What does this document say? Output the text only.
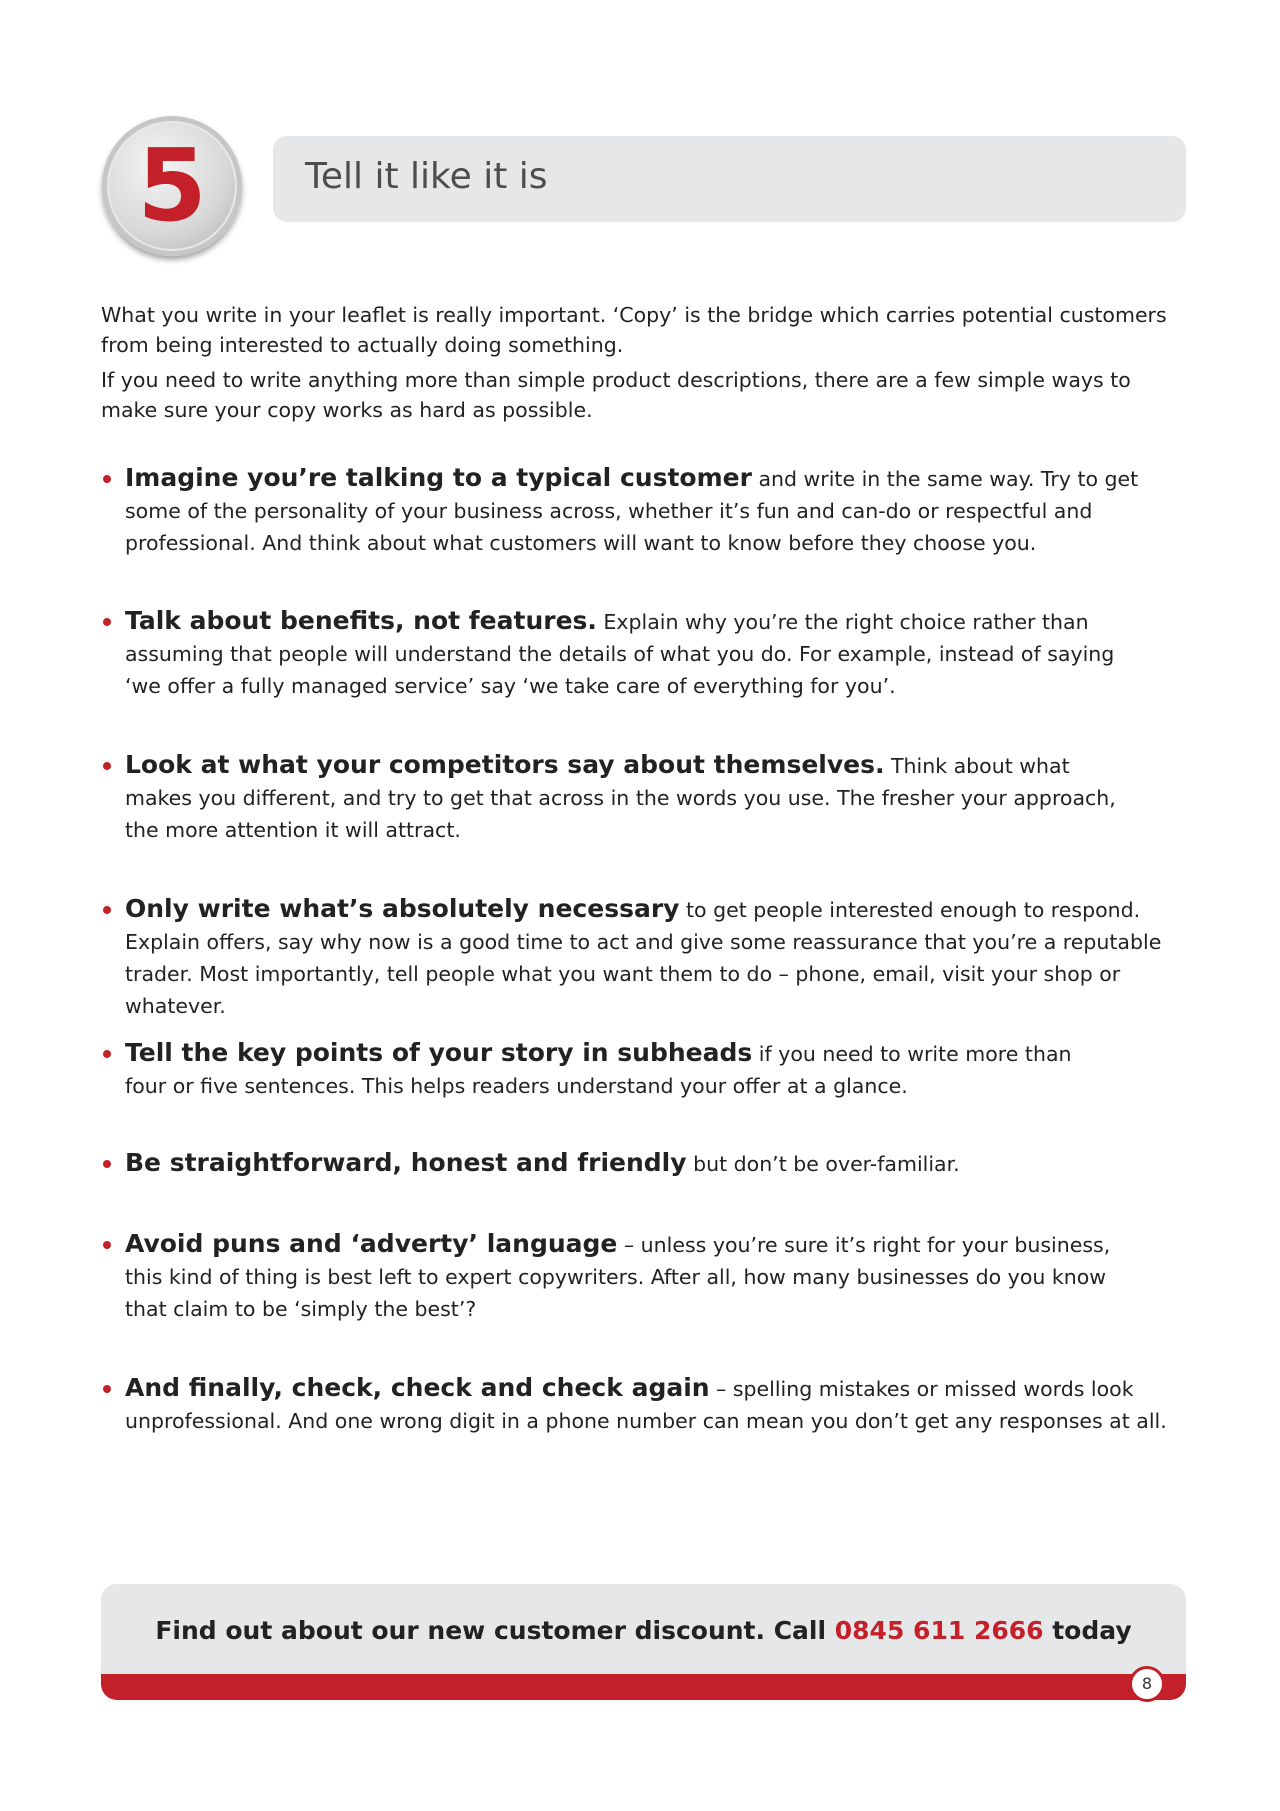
5	Tell it like it is

What you write in your leaflet is really important. ‘Copy’ is the bridge which carries potential customers from being interested to actually doing something.

If you need to write anything more than simple product descriptions, there are a few simple ways to make sure your copy works as hard as possible.

Imagine you’re talking to a typical customer and write in the same way. Try to get some of the personality of your business across, whether it’s fun and can-do or respectful and professional. And think about what customers will want to know before they choose you.
Talk about benefits, not features. Explain why you’re the right choice rather than assuming that people will understand the details of what you do. For example, instead of saying ‘we offer a fully managed service’ say ‘we take care of everything for you’.
Look at what your competitors say about themselves. Think about what makes you different, and try to get that across in the words you use. The fresher your approach, the more attention it will attract.
Only write what’s absolutely necessary to get people interested enough to respond. Explain offers, say why now is a good time to act and give some reassurance that you’re a reputable trader. Most importantly, tell people what you want them to do – phone, email, visit your shop or whatever.
Tell the key points of your story in subheads if you need to write more than four or five sentences. This helps readers understand your offer at a glance.
Be straightforward, honest and friendly but don’t be over-familiar.
Avoid puns and ‘adverty’ language – unless you’re sure it’s right for your business, this kind of thing is best left to expert copywriters. After all, how many businesses do you know that claim to be ‘simply the best’?
And finally, check, check and check again – spelling mistakes or missed words look unprofessional. And one wrong digit in a phone number can mean you don’t get any responses at all.
Find out about our new customer discount. Call 0845 611 2666 today
8
